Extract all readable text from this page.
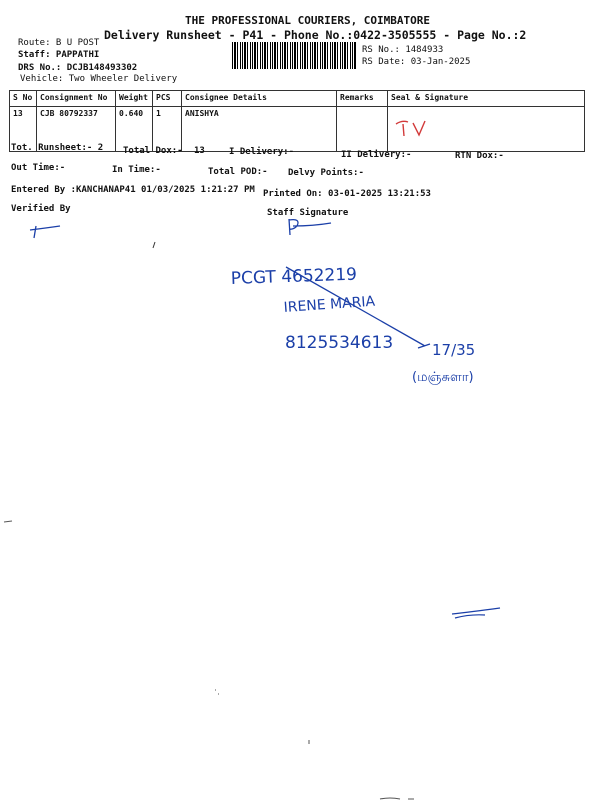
THE PROFESSIONAL COURIERS, COIMBATORE
Delivery Runsheet - P41 - Phone No.:0422-3505555 - Page No.:2
Route: B U POST
Staff: PAPPATHI
DRS No.: DCJB148493302
Vehicle: Two Wheeler Delivery
RS No.: 1484933
RS Date: 03-Jan-2025
S No	Consignment No	Weight	PCS	Consignee Details	Remarks	Seal & Signature
13	CJB 80792337	0.640	1	ANISHYA		
Tot. Runsheet:- 2 Total Dox:- 13	I Delivery:-	II Delivery:-	RTN Dox:-
Out Time:-	In Time:-	Total POD:- Delvy Points:-
Entered By :KANCHANAP41 01/03/2025 1:21:27 PM Printed On: 03-01-2025 13:21:53
Verified By	Staff Signature
PCGT 4652219
IRENE MARIA
8125534613	17/35
(மஞ்சுளா)
